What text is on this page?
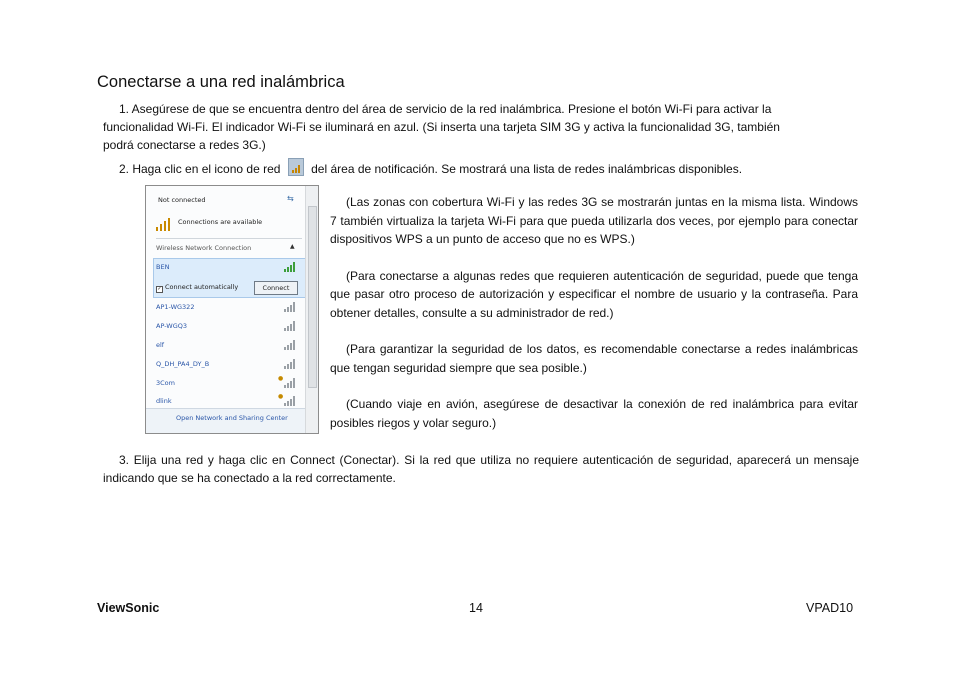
Conectarse a una red inalámbrica
1. Asegúrese de que se encuentra dentro del área de servicio de la red inalámbrica. Presione el botón Wi-Fi para activar la
funcionalidad Wi-Fi. El indicador Wi-Fi se iluminará en azul. (Si inserta una tarjeta SIM 3G y activa la funcionalidad 3G, también
podrá conectarse a redes 3G.)
2. Haga clic en el icono de red	del área de notificación. Se mostrará una lista de redes inalámbricas disponibles.
Not connected	⇆
Connections are available
Wireless Network Connection	▲
BEN
✓ Connect automatically	Connect
AP1-WG322
AP-WGQ3
elf
Q_DH_PA4_DY_B
3Com
●
dlink
●
Open Network and Sharing Center

(Las zonas con cobertura Wi-Fi y las redes 3G se mostrarán juntas en la misma lista. Windows 7 también virtualiza la tarjeta Wi-Fi para que pueda utilizarla dos veces, por ejemplo para conectar dispositivos WPS a un punto de acceso que no es WPS.)

(Para conectarse a algunas redes que requieren autenticación de seguridad, puede que tenga que pasar otro proceso de autorización y especificar el nombre de usuario y la contraseña. Para obtener detalles, consulte a su administrador de red.)

(Para garantizar la seguridad de los datos, es recomendable conectarse a redes inalámbricas que tengan seguridad siempre que sea posible.)

(Cuando viaje en avión, asegúrese de desactivar la conexión de red inalámbrica para evitar posibles riegos y volar seguro.)

3. Elija una red y haga clic en Connect (Conectar). Si la red que utiliza no requiere autenticación de seguridad, aparecerá un mensaje indicando que se ha conectado a la red correctamente.
ViewSonic	14	VPAD10
